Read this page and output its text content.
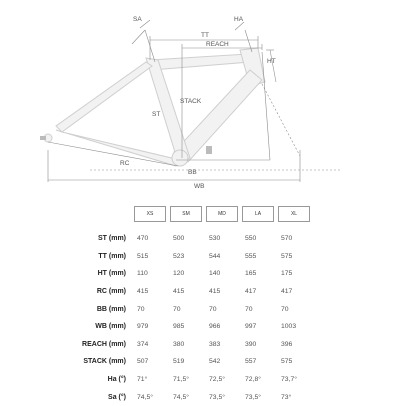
SA	HA
TT
REACH
HT
STACK
ST
BB
RC
WB
	XS	SM	MD	LA	XL

ST (mm)	470	500	530	550	570
TT (mm)	515	523	544	555	575
HT (mm)	110	120	140	165	175
RC (mm)	415	415	415	417	417
BB (mm)	70	70	70	70	70
WB (mm)	979	985	966	997	1003
REACH (mm)	374	380	383	390	396
STACK (mm)	507	519	542	557	575
Ha (°)	71°	71,5°	72,5°	72,8°	73,7°
Sa (°)	74,5°	74,5°	73,5°	73,5°	73°
